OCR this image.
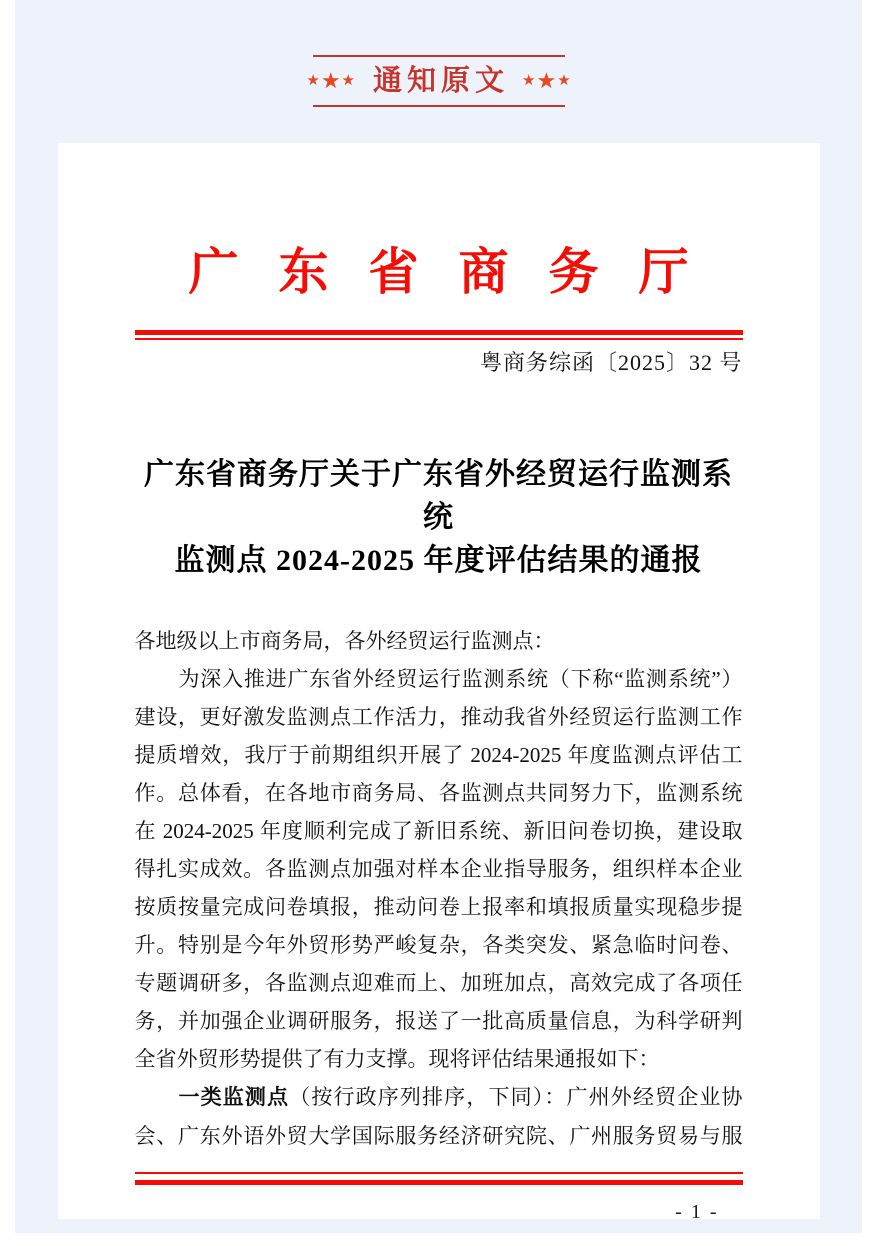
★ ★ ★ 通知原文 ★ ★ ★
广东省商务厅
粤商务综函〔2025〕32 号
广东省商务厅关于广东省外经贸运行监测系统
监测点 2024-2025 年度评估结果的通报
各地级以上市商务局，各外经贸运行监测点：
为深入推进广东省外经贸运行监测系统（下称“监测系统”）
建设，更好激发监测点工作活力，推动我省外经贸运行监测工作
提质增效，我厅于前期组织开展了 2024-2025 年度监测点评估工
作。总体看，在各地市商务局、各监测点共同努力下，监测系统
在 2024-2025 年度顺利完成了新旧系统、新旧问卷切换，建设取
得扎实成效。各监测点加强对样本企业指导服务，组织样本企业
按质按量完成问卷填报，推动问卷上报率和填报质量实现稳步提
升。特别是今年外贸形势严峻复杂，各类突发、紧急临时问卷、
专题调研多，各监测点迎难而上、加班加点，高效完成了各项任
务，并加强企业调研服务，报送了一批高质量信息，为科学研判
全省外贸形势提供了有力支撑。现将评估结果通报如下：
一类监测点（按行政序列排序，下同）：广州外经贸企业协
会、广东外语外贸大学国际服务经济研究院、广州服务贸易与服
- 1 -
